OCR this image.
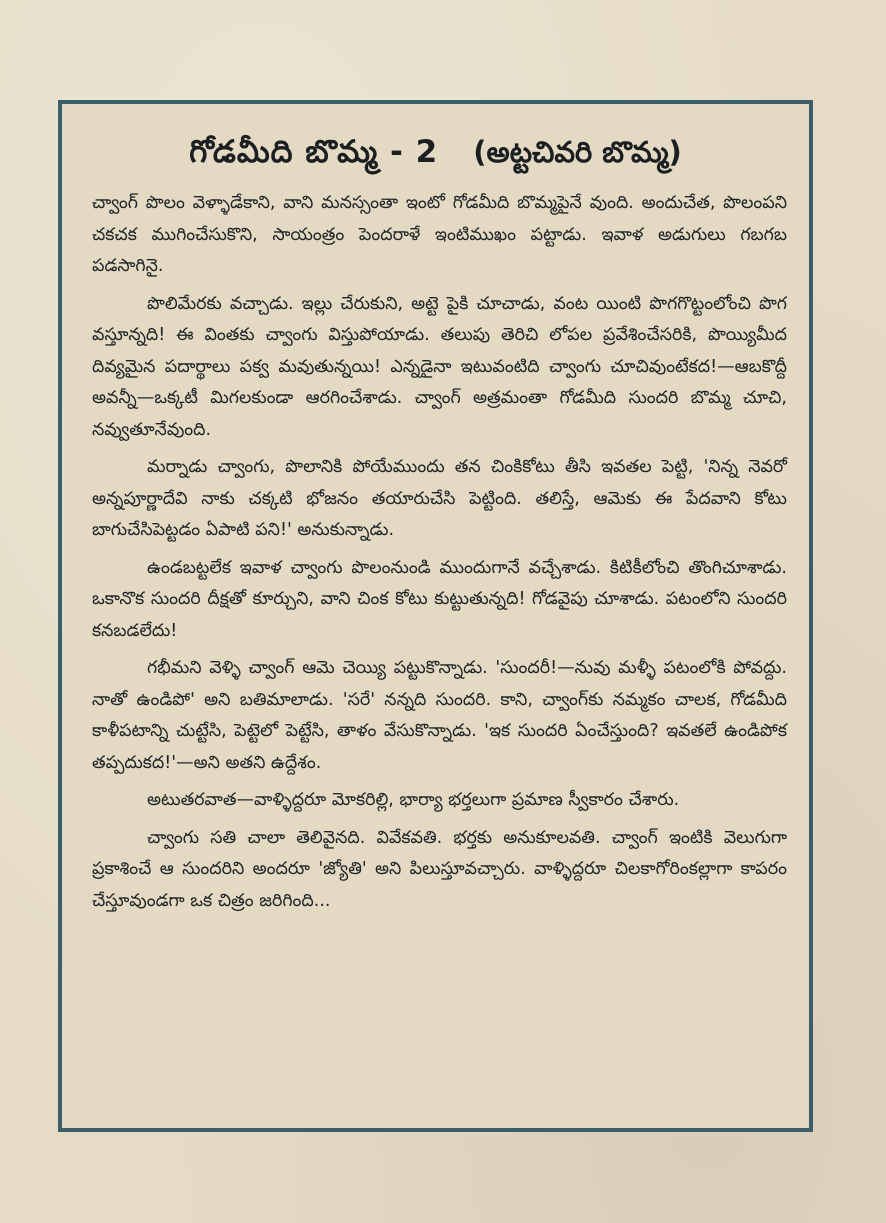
గోడమీది బొమ్మ - 2 (అట్టచివరి బొమ్మ)

చ్వాంగ్ పొలం వెళ్ళాడేకాని, వాని మనస్సంతా ఇంటో గోడమీది బొమ్మపైనే వుంది. అందుచేత, పొలంపని చకచక ముగించేసుకొని, సాయంత్రం పెందరాళే ఇంటిముఖం పట్టాడు. ఇవాళ అడుగులు గబగబ పడసాగినై.

పొలిమేరకు వచ్చాడు. ఇల్లు చేరుకుని, అట్టె పైకి చూచాడు, వంట యింటి పొగగొట్టంలోంచి పొగ వస్తూన్నది! ఈ వింతకు చ్వాంగు విస్తుపోయాడు. తలుపు తెరిచి లోపల ప్రవేశించేసరికి, పొయ్యిమీద దివ్యమైన పదార్థాలు పక్వ మవుతున్నయి! ఎన్నడైనా ఇటువంటిది చ్వాంగు చూచివుంటేకద!—ఆబకొద్దీ అవన్నీ—ఒక్కటీ మిగలకుండా ఆరగించేశాడు. చ్వాంగ్ అత్రమంతా గోడమీది సుందరి బొమ్మ చూచి, నవ్వుతూనేవుంది.

మర్నాడు చ్వాంగు, పొలానికి పోయేముందు తన చింకికోటు తీసి ఇవతల పెట్టి, 'నిన్న నెవరో అన్నపూర్ణాదేవి నాకు చక్కటి భోజనం తయారుచేసి పెట్టింది. తలిస్తే, ఆమెకు ఈ పేదవాని కోటు బాగుచేసిపెట్టడం ఏపాటి పని!' అనుకున్నాడు.

ఉండబట్టలేక ఇవాళ చ్వాంగు పొలంనుండి ముందుగానే వచ్చేశాడు. కిటికీలోంచి తొంగిచూశాడు. ఒకానొక సుందరి దీక్షతో కూర్చుని, వాని చింక కోటు కుట్టుతున్నది! గోడవైపు చూశాడు. పటంలోని సుందరి కనబడలేదు!

గభీమని వెళ్ళి చ్వాంగ్ ఆమె చెయ్యి పట్టుకొన్నాడు. 'సుందరీ!—నువు మళ్ళీ పటంలోకి పోవద్దు. నాతో ఉండిపో' అని బతిమాలాడు. 'సరే' నన్నది సుందరి. కాని, చ్వాంగ్‌కు నమ్మకం చాలక, గోడమీది కాళీపటాన్ని చుట్టేసి, పెట్టెలో పెట్టేసి, తాళం వేసుకొన్నాడు. 'ఇక సుందరి ఏంచేస్తుంది? ఇవతలే ఉండిపోక తప్పదుకద!'—అని అతని ఉద్దేశం.

అటుతరవాత—వాళ్ళిద్దరూ మోకరిల్లి, భార్యా భర్తలుగా ప్రమాణ స్వీకారం చేశారు.

చ్వాంగు సతి చాలా తెలివైనది. వివేకవతి. భర్తకు అనుకూలవతి. చ్వాంగ్ ఇంటికి వెలుగుగా ప్రకాశించే ఆ సుందరిని అందరూ 'జ్యోతి' అని పిలుస్తూవచ్చారు. వాళ్ళిద్దరూ చిలకాగోరింకల్లాగా కాపరం చేస్తూవుండగా ఒక చిత్రం జరిగింది...
